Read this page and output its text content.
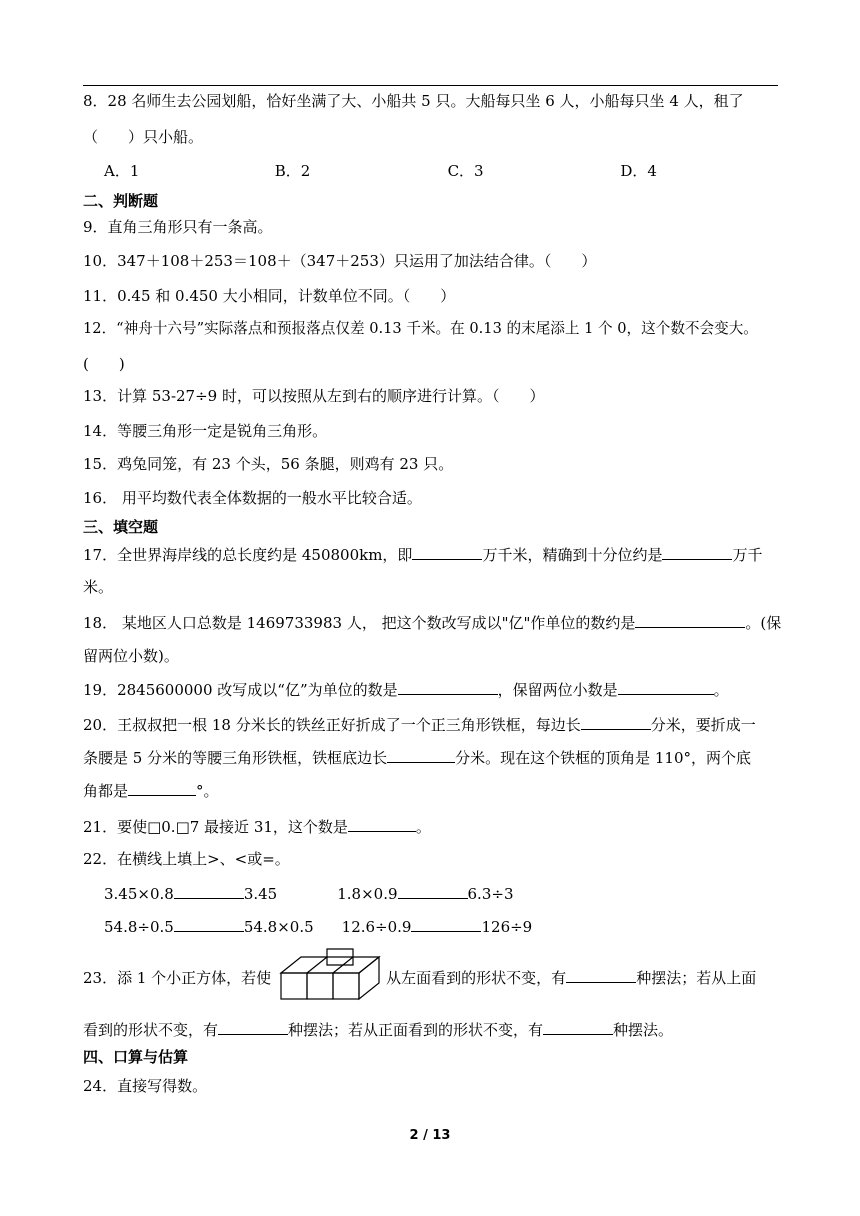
8．28 名师生去公园划船，恰好坐满了大、小船共 5 只。大船每只坐 6 人，小船每只坐 4 人，租了
（　　）只小船。
A．1	B．2	C．3	D．4
二、判断题
9．直角三角形只有一条高。
10．347＋108＋253＝108＋（347＋253）只运用了加法结合律。（　　）
11．0.45 和 0.450 大小相同，计数单位不同。（　　）
12．“神舟十六号”实际落点和预报落点仅差 0.13 千米。在 0.13 的末尾添上 1 个 0，这个数不会变大。
(　　)
13．计算 53-27÷9 时，可以按照从左到右的顺序进行计算。（　　）
14．等腰三角形一定是锐角三角形。
15．鸡兔同笼，有 23 个头，56 条腿，则鸡有 23 只。
16． 用平均数代表全体数据的一般水平比较合适。
三、填空题
17．全世界海岸线的总长度约是 450800km，即	万千米，精确到十分位约是	万千
米。
18． 某地区人口总数是 1469733983 人， 把这个数改写成以"亿"作单位的数约是	。(保
留两位小数)。
19．2845600000 改写成以“亿”为单位的数是	，保留两位小数是	。
20．王叔叔把一根 18 分米长的铁丝正好折成了一个正三角形铁框，每边长	分米，要折成一
条腰是 5 分米的等腰三角形铁框，铁框底边长	分米。现在这个铁框的顶角是 110°，两个底
角都是	°。
21．要使□0.□7 最接近 31，这个数是	。
22．在横线上填上>、<或=。
3.45×0.8	3.45	1.8×0.9	6.3÷3
54.8÷0.5	54.8×0.5 12.6÷0.9	126÷9
23．添 1 个小正方体，若使	从左面看到的形状不变，有	种摆法；若从上面
看到的形状不变，有	种摆法；若从正面看到的形状不变，有	种摆法。
四、口算与估算
24．直接写得数。
2 / 13
